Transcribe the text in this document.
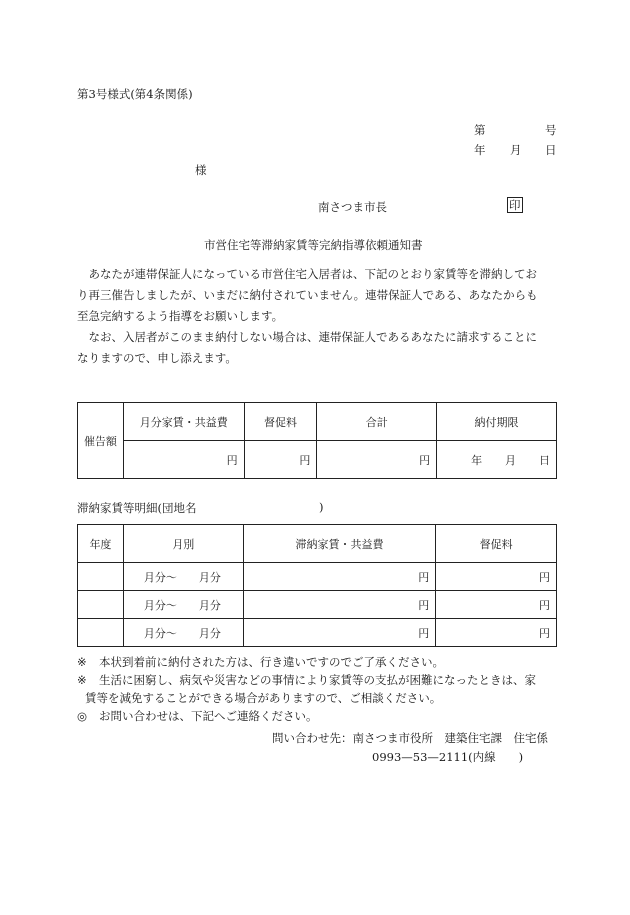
第3号様式(第4条関係)
第	号
年 月 日
様
南さつま市長	印
市営住宅等滞納家賃等完納指導依頼通知書

　あなたが連帯保証人になっている市営住宅入居者は、下記のとおり家賃等を滞納してお

り再三催告しましたが、いまだに納付されていません。連帯保証人である、あなたからも

至急完納するよう指導をお願いします。

　なお、入居者がこのまま納付しない場合は、連帯保証人であるあなたに請求することに

なりますので、申し添えます。

催告額	月分家賃・共益費	督促料	合計	納付期限
	円	円	円	年 月 日
滞納家賃等明細(団地名	)
年度	月別	滞納家賃・共益費	督促料
	月分〜　　 月分	円	円
	月分〜　　 月分	円	円
	月分〜　　 月分	円	円
※	本状到着前に納付された方は、行き違いですのでご了承ください。
※	生活に困窮し、病気や災害などの事情により家賃等の支払が困難になったときは、家
賃等を減免することができる場合がありますので、ご相談ください。
◎	お問い合わせは、下記へご連絡ください。
問い合わせ先：南さつま市役所　建築住宅課　住宅係
0993—53—2111(内線　　)
